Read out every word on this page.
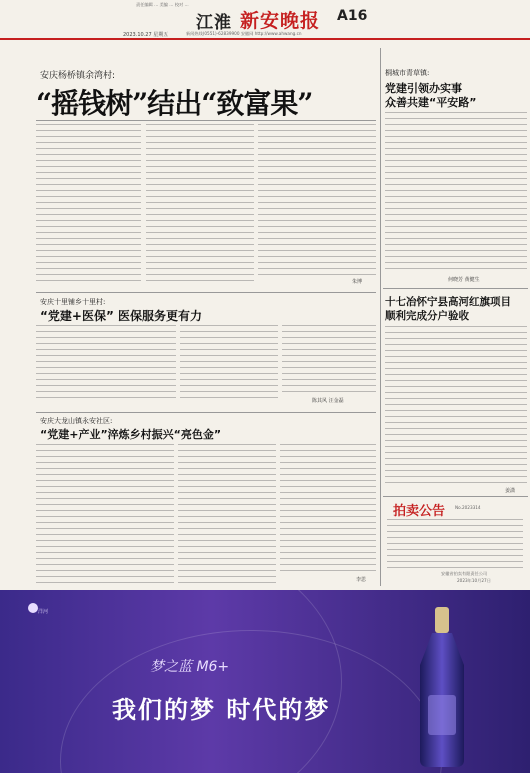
责任编辑 … 美编 … 校对 …
江淮 新安晚报 A16
2023.10.27 星期五	新闻热线(0551)-62839900 安徽网 http://www.ahwang.cn
安庆杨桥镇余湾村:
“摇钱树”结出“致富果”
朱博
安庆十里铺乡十里村:
“党建+医保” 医保服务更有力
陈其风 汪金磊
安庆大龙山镇永安社区:
“党建+产业”淬炼乡村振兴“亮色金”
李思
桐城市青草镇:
党建引领办实事
众善共建“平安路”
何晓芳 黄健生
十七冶怀宁县高河红旗项目
顺利完成分户验收
姜潇
拍卖公告 No.2023314
安徽省拍卖有限责任公司
2023年10月27日
洋河
梦之蓝 M6+
我们的梦 时代的梦
